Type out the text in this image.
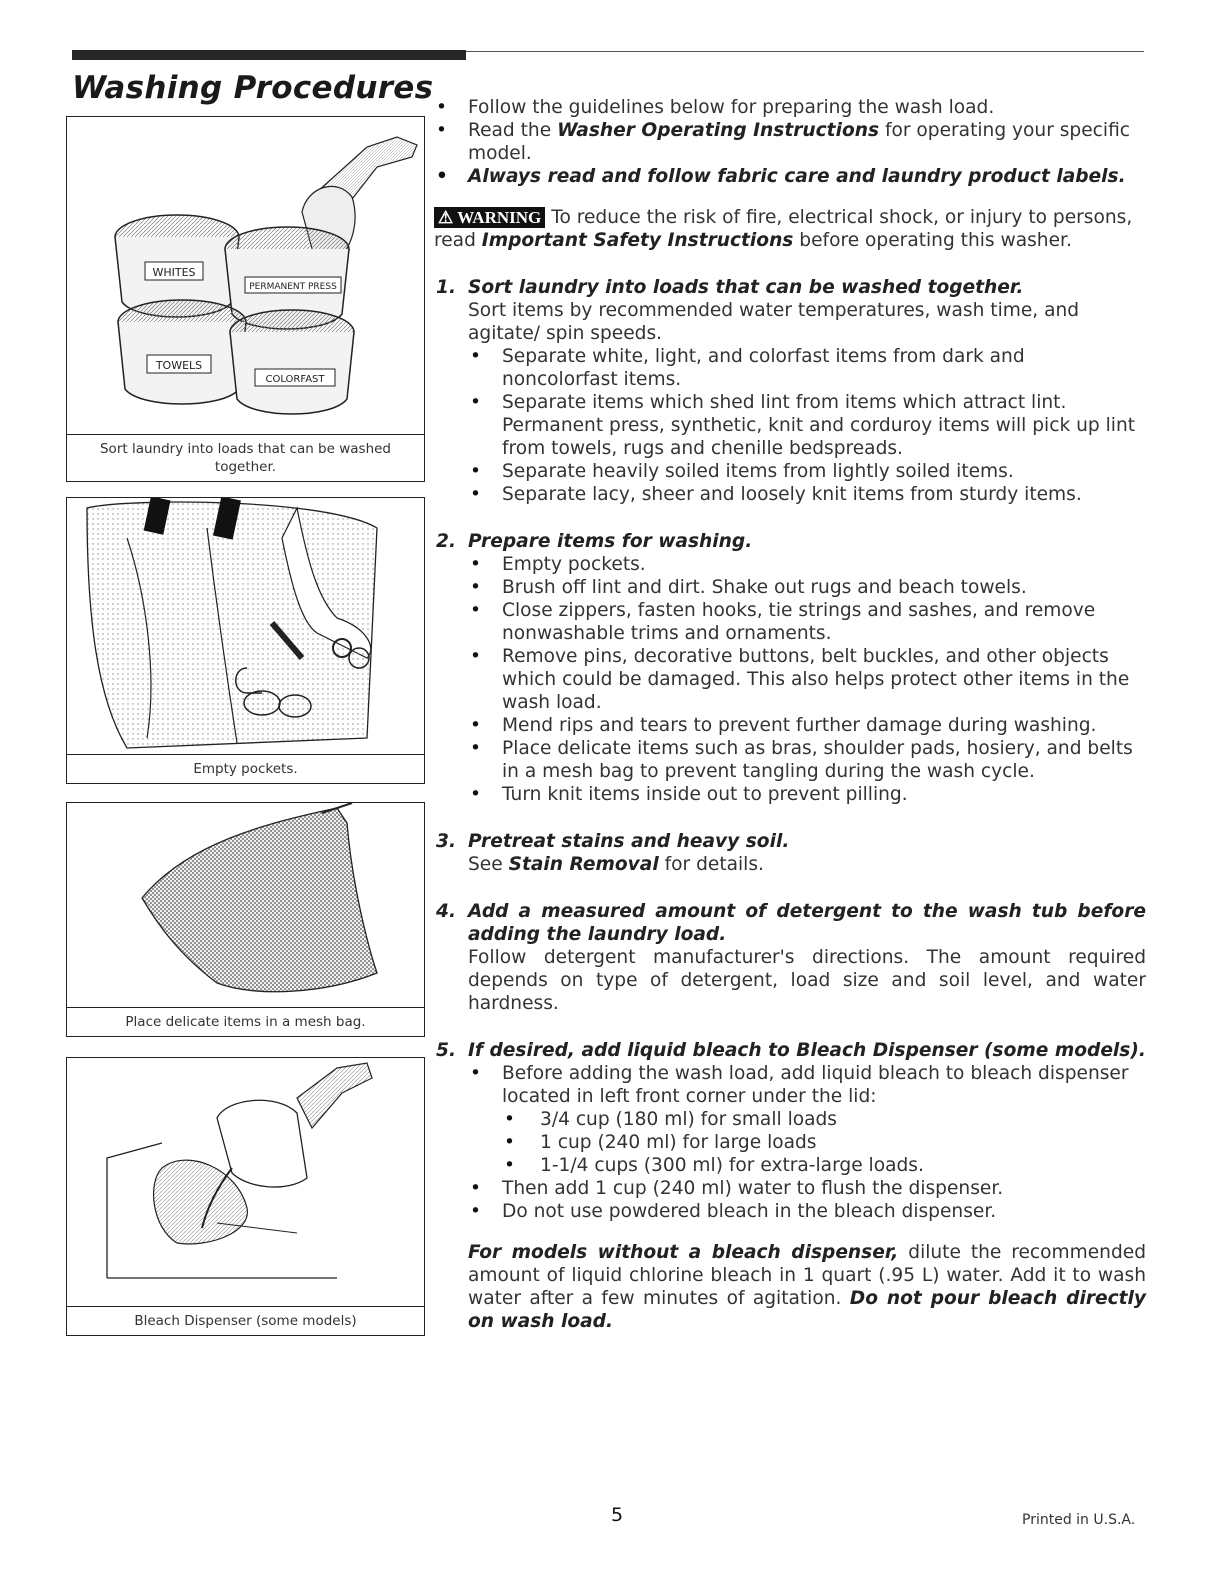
Washing Procedures
WHITES
PERMANENT PRESS
TOWELS
COLORFAST
Sort laundry into loads that can be washed together.
Empty pockets.
Place delicate items in a mesh bag.
Bleach Dispenser (some models)

• Follow the guidelines below for preparing the wash load.

• Read the Washer Operating Instructions for operating your specific model.

• Always read and follow fabric care and laundry product labels.

⚠ WARNING To reduce the risk of fire, electrical shock, or injury to persons, read Important Safety Instructions before operating this washer.

1. Sort laundry into loads that can be washed together.

Sort items by recommended water temperatures, wash time, and agitate/ spin speeds.

• Separate white, light, and colorfast items from dark and noncolorfast items.

• Separate items which shed lint from items which attract lint. Permanent press, synthetic, knit and corduroy items will pick up lint from towels, rugs and chenille bedspreads.

• Separate heavily soiled items from lightly soiled items.

• Separate lacy, sheer and loosely knit items from sturdy items.

2. Prepare items for washing.

• Empty pockets.

• Brush off lint and dirt. Shake out rugs and beach towels.

• Close zippers, fasten hooks, tie strings and sashes, and remove nonwashable trims and ornaments.

• Remove pins, decorative buttons, belt buckles, and other objects which could be damaged. This also helps protect other items in the wash load.

• Mend rips and tears to prevent further damage during washing.

• Place delicate items such as bras, shoulder pads, hosiery, and belts in a mesh bag to prevent tangling during the wash cycle.

• Turn knit items inside out to prevent pilling.

3. Pretreat stains and heavy soil.

See Stain Removal for details.

4. Add a measured amount of detergent to the wash tub before adding the laundry load.

Follow detergent manufacturer's directions. The amount required depends on type of detergent, load size and soil level, and water hardness.

5. If desired, add liquid bleach to Bleach Dispenser (some models).

• Before adding the wash load, add liquid bleach to bleach dispenser located in left front corner under the lid:

• 3/4 cup (180 ml) for small loads

• 1 cup (240 ml) for large loads

• 1-1/4 cups (300 ml) for extra-large loads.

• Then add 1 cup (240 ml) water to flush the dispenser.

• Do not use powdered bleach in the bleach dispenser.

For models without a bleach dispenser, dilute the recommended amount of liquid chlorine bleach in 1 quart (.95 L) water. Add it to wash water after a few minutes of agitation. Do not pour bleach directly on wash load.

5	Printed in U.S.A.
